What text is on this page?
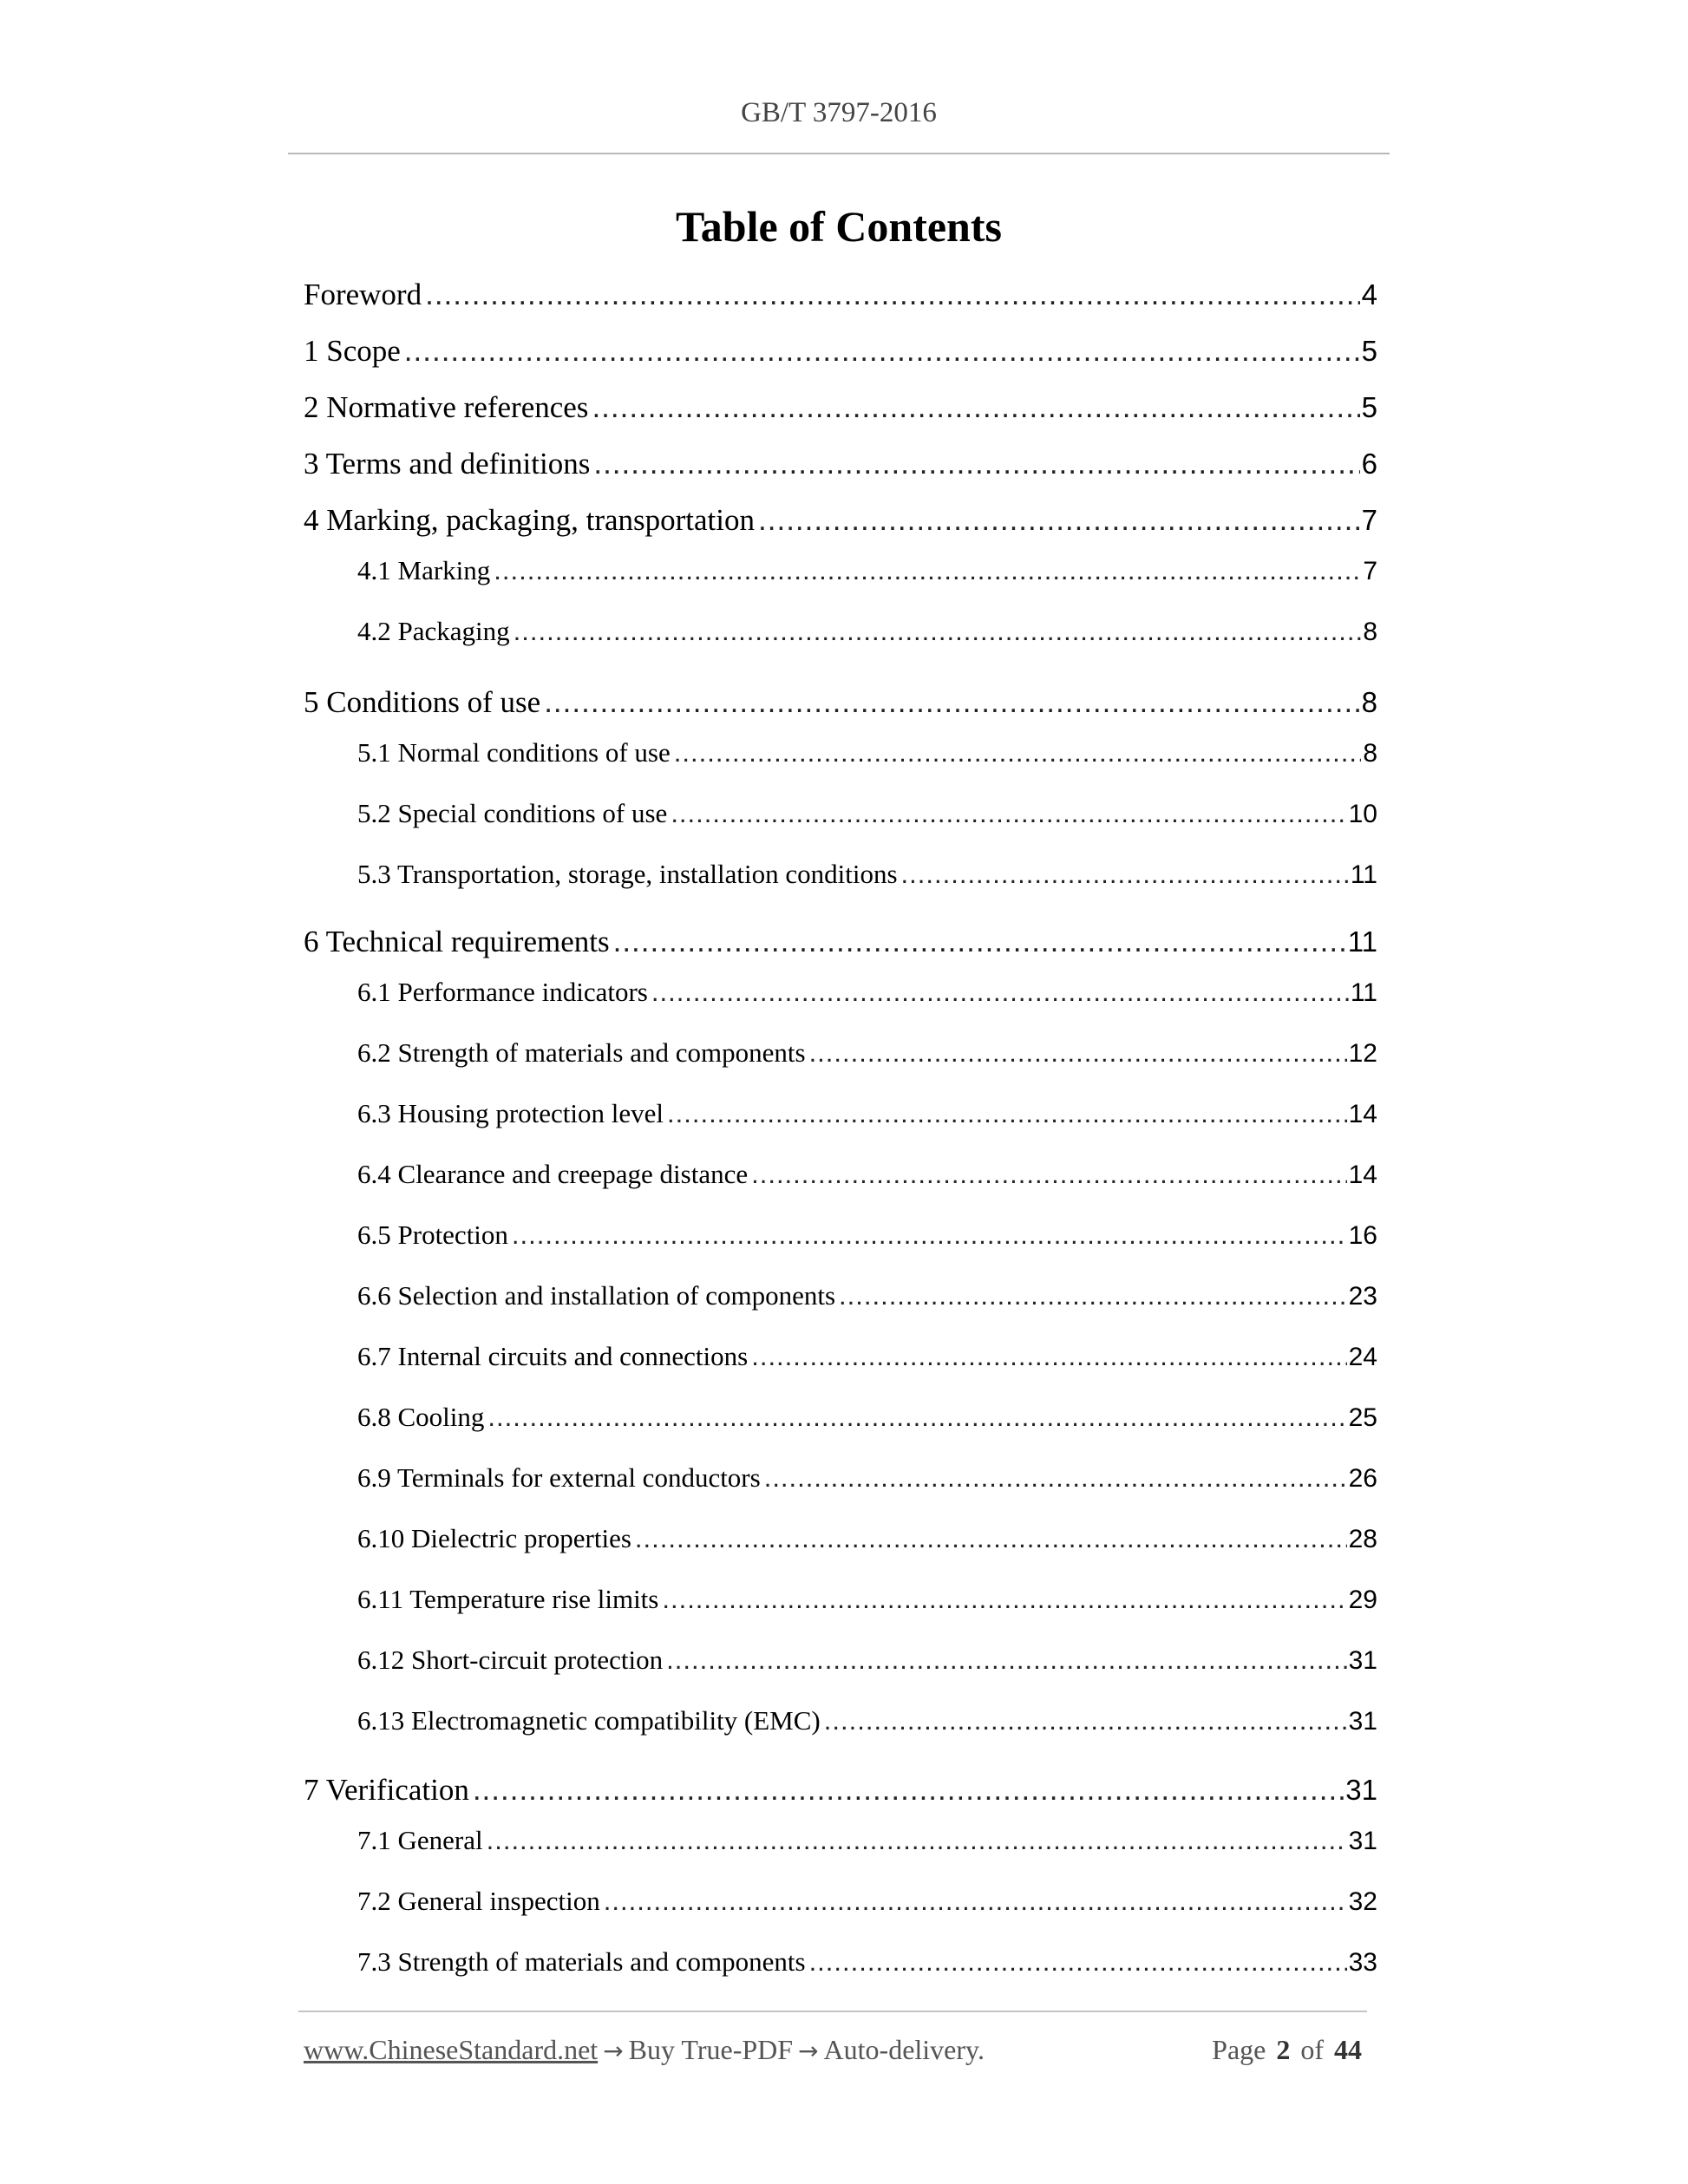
GB/T 3797-2016
Table of Contents
Foreword .....	4
1 Scope .....	5
2 Normative references .....	5
3 Terms and definitions .....	6
4 Marking, packaging, transportation .....	7
4.1 Marking .....	7
4.2 Packaging .....	8
5 Conditions of use .....	8
5.1 Normal conditions of use .....	8
5.2 Special conditions of use .....	10
5.3 Transportation, storage, installation conditions .....	11
6 Technical requirements .....	11
6.1 Performance indicators .....	11
6.2 Strength of materials and components .....	12
6.3 Housing protection level .....	14
6.4 Clearance and creepage distance .....	14
6.5 Protection .....	16
6.6 Selection and installation of components .....	23
6.7 Internal circuits and connections .....	24
6.8 Cooling .....	25
6.9 Terminals for external conductors .....	26
6.10 Dielectric properties .....	28
6.11 Temperature rise limits .....	29
6.12 Short-circuit protection .....	31
6.13 Electromagnetic compatibility (EMC) .....	31
7 Verification .....	31
7.1 General .....	31
7.2 General inspection .....	32
7.3 Strength of materials and components .....	33
www.ChineseStandard.net → Buy True-PDF → Auto-delivery.	Page 2 of 44
